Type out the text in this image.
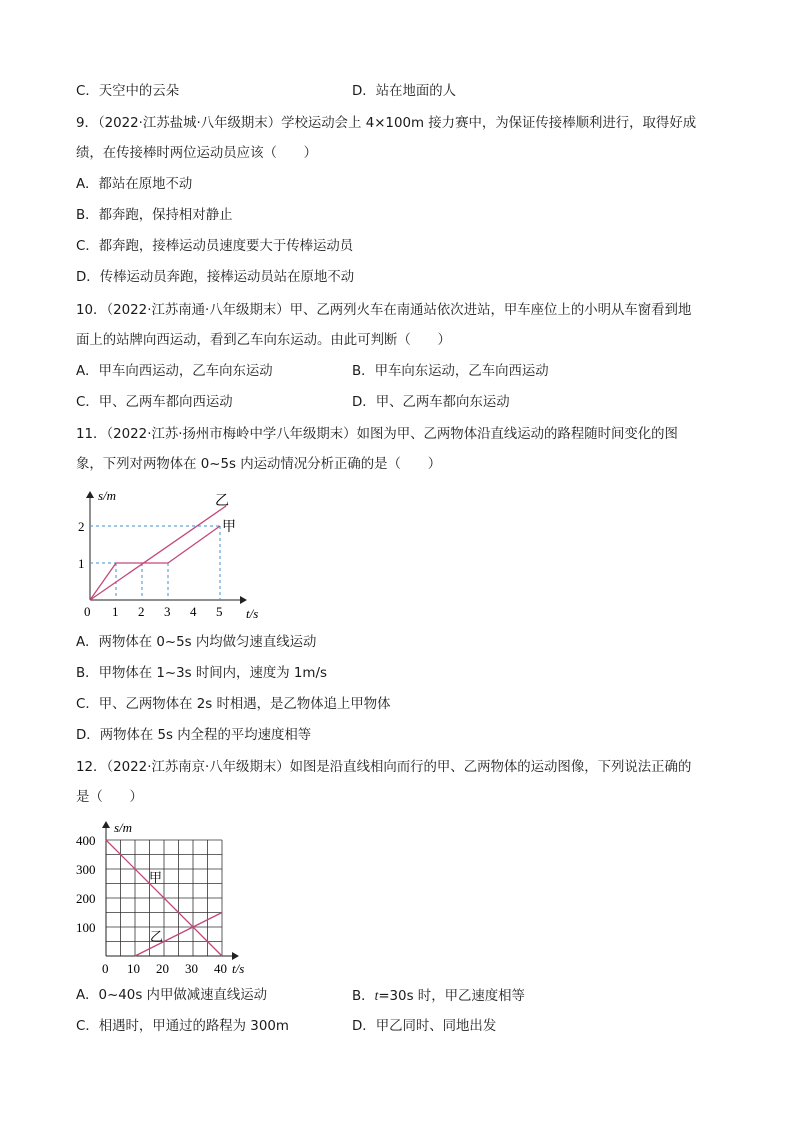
C．天空中的云朵	D．站在地面的人
9．（2022·江苏盐城·八年级期末）学校运动会上 4×100m 接力赛中，为保证传接棒顺利进行，取得好成
绩，在传接棒时两位运动员应该（　　）
A．都站在原地不动
B．都奔跑，保持相对静止
C．都奔跑，接棒运动员速度要大于传棒运动员
D．传棒运动员奔跑，接棒运动员站在原地不动
10．（2022·江苏南通·八年级期末）甲、乙两列火车在南通站依次进站，甲车座位上的小明从车窗看到地
面上的站牌向西运动，看到乙车向东运动。由此可判断（　　）
A．甲车向西运动，乙车向东运动	B．甲车向东运动，乙车向西运动
C．甲、乙两车都向西运动	D．甲、乙两车都向东运动
11．（2022·江苏·扬州市梅岭中学八年级期末）如图为甲、乙两物体沿直线运动的路程随时间变化的图
象，下列对两物体在 0~5s 内运动情况分析正确的是（　　）
s/m
t/s
1
2
0 1 2 3 4 5
乙
甲
A．两物体在 0~5s 内均做匀速直线运动
B．甲物体在 1~3s 时间内，速度为 1m/s
C．甲、乙两物体在 2s 时相遇，是乙物体追上甲物体
D．两物体在 5s 内全程的平均速度相等
12．（2022·江苏南京·八年级期末）如图是沿直线相向而行的甲、乙两物体的运动图像，下列说法正确的
是（　　）
s/m
t/s
100
200
300
400
0 10 20 30 40
甲
乙
A．0~40s 内甲做减速直线运动	B．t=30s 时，甲乙速度相等
C．相遇时，甲通过的路程为 300m	D．甲乙同时、同地出发
